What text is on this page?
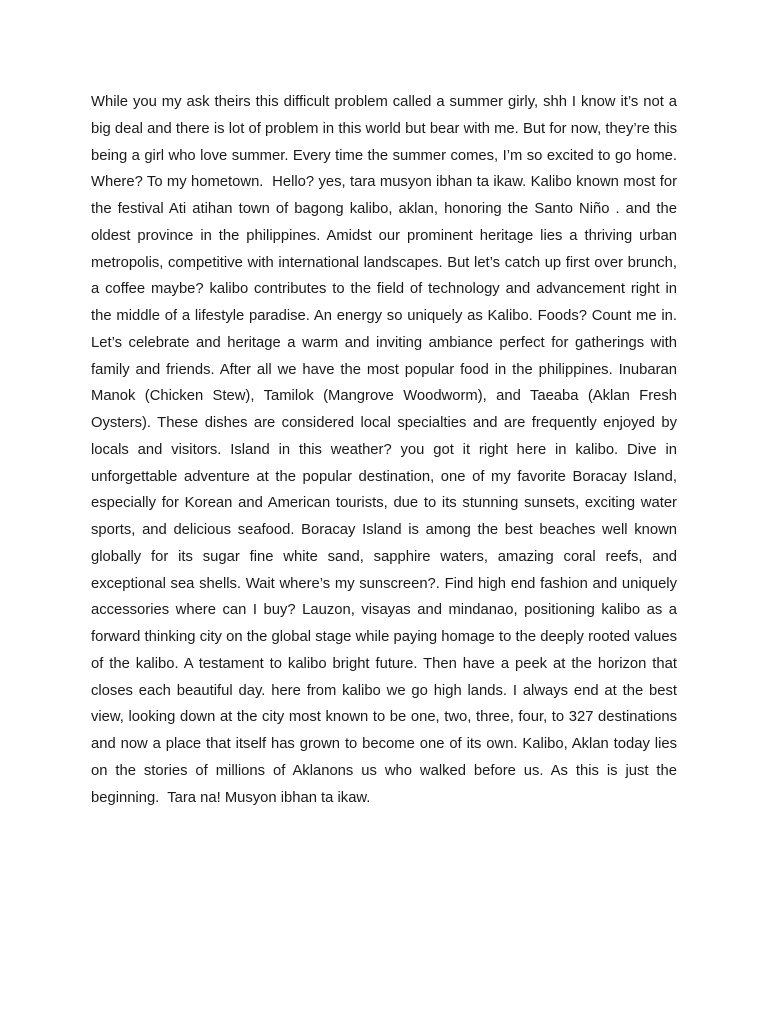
While you my ask theirs this difficult problem called a summer girly, shh I know it’s not a big deal and there is lot of problem in this world but bear with me. But for now, they’re this being a girl who love summer. Every time the summer comes, I’m so excited to go home. Where? To my hometown.  Hello? yes, tara musyon ibhan ta ikaw. Kalibo known most for the festival Ati atihan town of bagong kalibo, aklan, honoring the Santo Niño . and the oldest province in the philippines. Amidst our prominent heritage lies a thriving urban metropolis, competitive with international landscapes. But let’s catch up first over brunch, a coffee maybe? kalibo contributes to the field of technology and advancement right in the middle of a lifestyle paradise. An energy so uniquely as Kalibo. Foods? Count me in. Let’s celebrate and heritage a warm and inviting ambiance perfect for gatherings with family and friends. After all we have the most popular food in the philippines. Inubaran Manok (Chicken Stew), Tamilok (Mangrove Woodworm), and Taeaba (Aklan Fresh Oysters). These dishes are considered local specialties and are frequently enjoyed by locals and visitors. Island in this weather? you got it right here in kalibo. Dive in unforgettable adventure at the popular destination, one of my favorite Boracay Island, especially for Korean and American tourists, due to its stunning sunsets, exciting water sports, and delicious seafood. Boracay Island is among the best beaches well known globally for its sugar fine white sand, sapphire waters, amazing coral reefs, and exceptional sea shells. Wait where’s my sunscreen?. Find high end fashion and uniquely accessories where can I buy? Lauzon, visayas and mindanao, positioning kalibo as a forward thinking city on the global stage while paying homage to the deeply rooted values of the kalibo. A testament to kalibo bright future. Then have a peek at the horizon that closes each beautiful day. here from kalibo we go high lands. I always end at the best view, looking down at the city most known to be one, two, three, four, to 327 destinations and now a place that itself has grown to become one of its own. Kalibo, Aklan today lies on the stories of millions of Aklanons us who walked before us. As this is just the beginning.  Tara na! Musyon ibhan ta ikaw.
